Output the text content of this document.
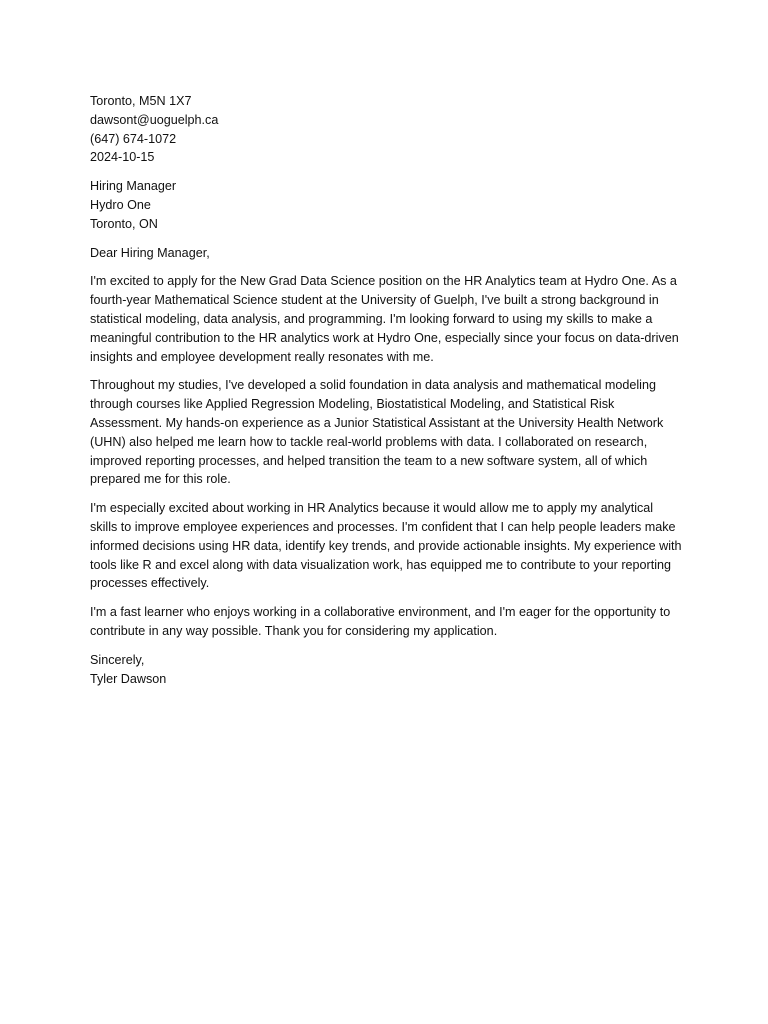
Toronto, M5N 1X7
dawsont@uoguelph.ca
(647) 674-1072
2024-10-15
Hiring Manager
Hydro One
Toronto, ON

Dear Hiring Manager,

I'm excited to apply for the New Grad Data Science position on the HR Analytics team at Hydro One. As a fourth-year Mathematical Science student at the University of Guelph, I've built a strong background in statistical modeling, data analysis, and programming. I'm looking forward to using my skills to make a meaningful contribution to the HR analytics work at Hydro One, especially since your focus on data-driven insights and employee development really resonates with me.

Throughout my studies, I've developed a solid foundation in data analysis and mathematical modeling through courses like Applied Regression Modeling, Biostatistical Modeling, and Statistical Risk Assessment. My hands-on experience as a Junior Statistical Assistant at the University Health Network (UHN) also helped me learn how to tackle real-world problems with data. I collaborated on research, improved reporting processes, and helped transition the team to a new software system, all of which prepared me for this role.

I'm especially excited about working in HR Analytics because it would allow me to apply my analytical skills to improve employee experiences and processes. I'm confident that I can help people leaders make informed decisions using HR data, identify key trends, and provide actionable insights. My experience with tools like R and excel along with data visualization work, has equipped me to contribute to your reporting processes effectively.

I'm a fast learner who enjoys working in a collaborative environment, and I'm eager for the opportunity to contribute in any way possible. Thank you for considering my application.

Sincerely,
Tyler Dawson
